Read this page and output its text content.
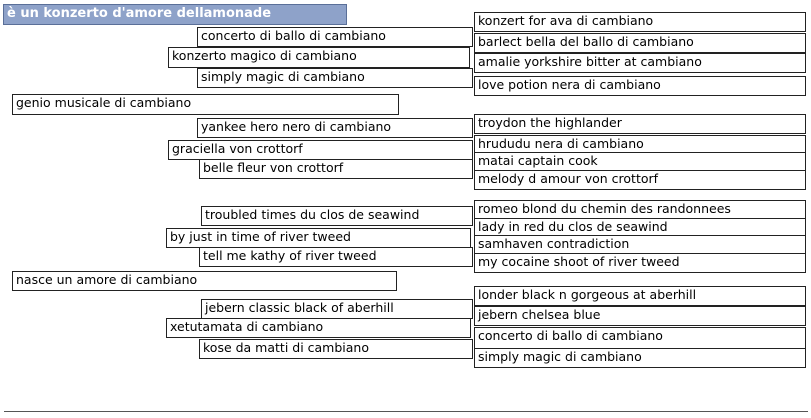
è un konzerto d'amore dellamonade
konzerto magico di cambiano
genio musicale di cambiano
concerto di ballo di cambiano
simply magic di cambiano
yankee hero nero di cambiano
graciella von crottorf
belle fleur von crottorf
troubled times du clos de seawind
by just in time of river tweed
tell me kathy of river tweed
nasce un amore di cambiano
jebern classic black of aberhill
xetutamata di cambiano
kose da matti di cambiano
konzert for ava di cambiano
barlect bella del ballo di cambiano
amalie yorkshire bitter at cambiano
love potion nera di cambiano
troydon the highlander
hrududu nera di cambiano
matai captain cook
melody d amour von crottorf
romeo blond du chemin des randonnees
lady in red du clos de seawind
samhaven contradiction
my cocaine shoot of river tweed
londer black n gorgeous at aberhill
jebern chelsea blue
concerto di ballo di cambiano
simply magic di cambiano
